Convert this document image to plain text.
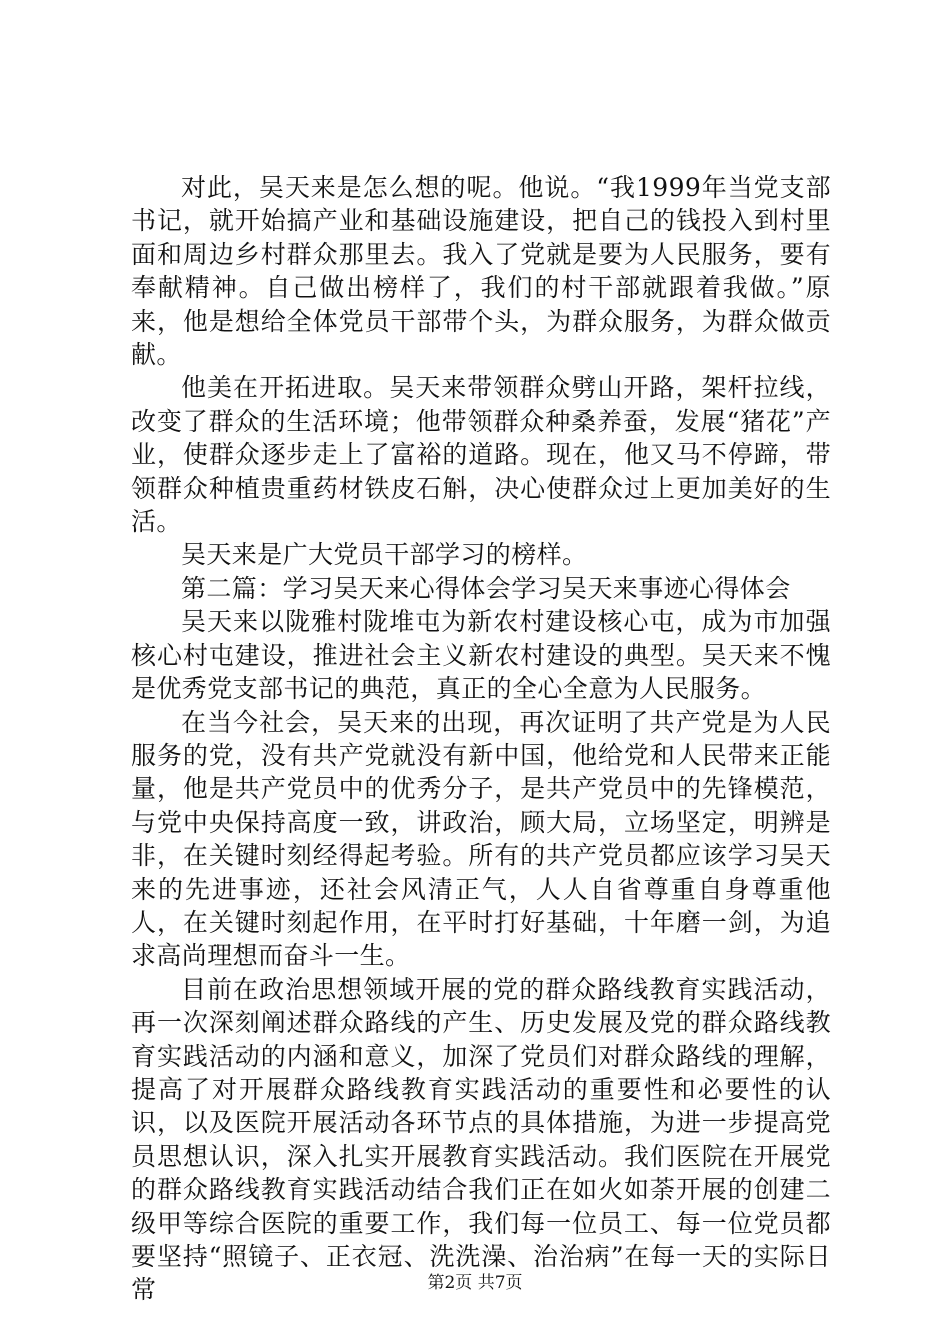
对此，吴天来是怎么想的呢。他说。“我1999年当党支部书记，就开始搞产业和基础设施建设，把自己的钱投入到村里面和周边乡村群众那里去。我入了党就是要为人民服务，要有奉献精神。自己做出榜样了，我们的村干部就跟着我做。”原来，他是想给全体党员干部带个头，为群众服务，为群众做贡献。

他美在开拓进取。吴天来带领群众劈山开路，架杆拉线，改变了群众的生活环境；他带领群众种桑养蚕，发展“猪花”产业，使群众逐步走上了富裕的道路。现在，他又马不停蹄，带领群众种植贵重药材铁皮石斛，决心使群众过上更加美好的生活。

吴天来是广大党员干部学习的榜样。

第二篇：学习吴天来心得体会学习吴天来事迹心得体会

吴天来以陇雅村陇堆屯为新农村建设核心屯，成为市加强核心村屯建设，推进社会主义新农村建设的典型。吴天来不愧是优秀党支部书记的典范，真正的全心全意为人民服务。

在当今社会，吴天来的出现，再次证明了共产党是为人民服务的党，没有共产党就没有新中国，他给党和人民带来正能量，他是共产党员中的优秀分子，是共产党员中的先锋模范，与党中央保持高度一致，讲政治，顾大局，立场坚定，明辨是非，在关键时刻经得起考验。所有的共产党员都应该学习吴天来的先进事迹，还社会风清正气，人人自省尊重自身尊重他人，在关键时刻起作用，在平时打好基础，十年磨一剑，为追求高尚理想而奋斗一生。

目前在政治思想领域开展的党的群众路线教育实践活动，再一次深刻阐述群众路线的产生、历史发展及党的群众路线教育实践活动的内涵和意义，加深了党员们对群众路线的理解，提高了对开展群众路线教育实践活动的重要性和必要性的认识，以及医院开展活动各环节点的具体措施，为进一步提高党员思想认识，深入扎实开展教育实践活动。我们医院在开展党的群众路线教育实践活动结合我们正在如火如荼开展的创建二级甲等综合医院的重要工作，我们每一位员工、每一位党员都要坚持“照镜子、正衣冠、洗洗澡、治治病”在每一天的实际日常	第2页 共7页
